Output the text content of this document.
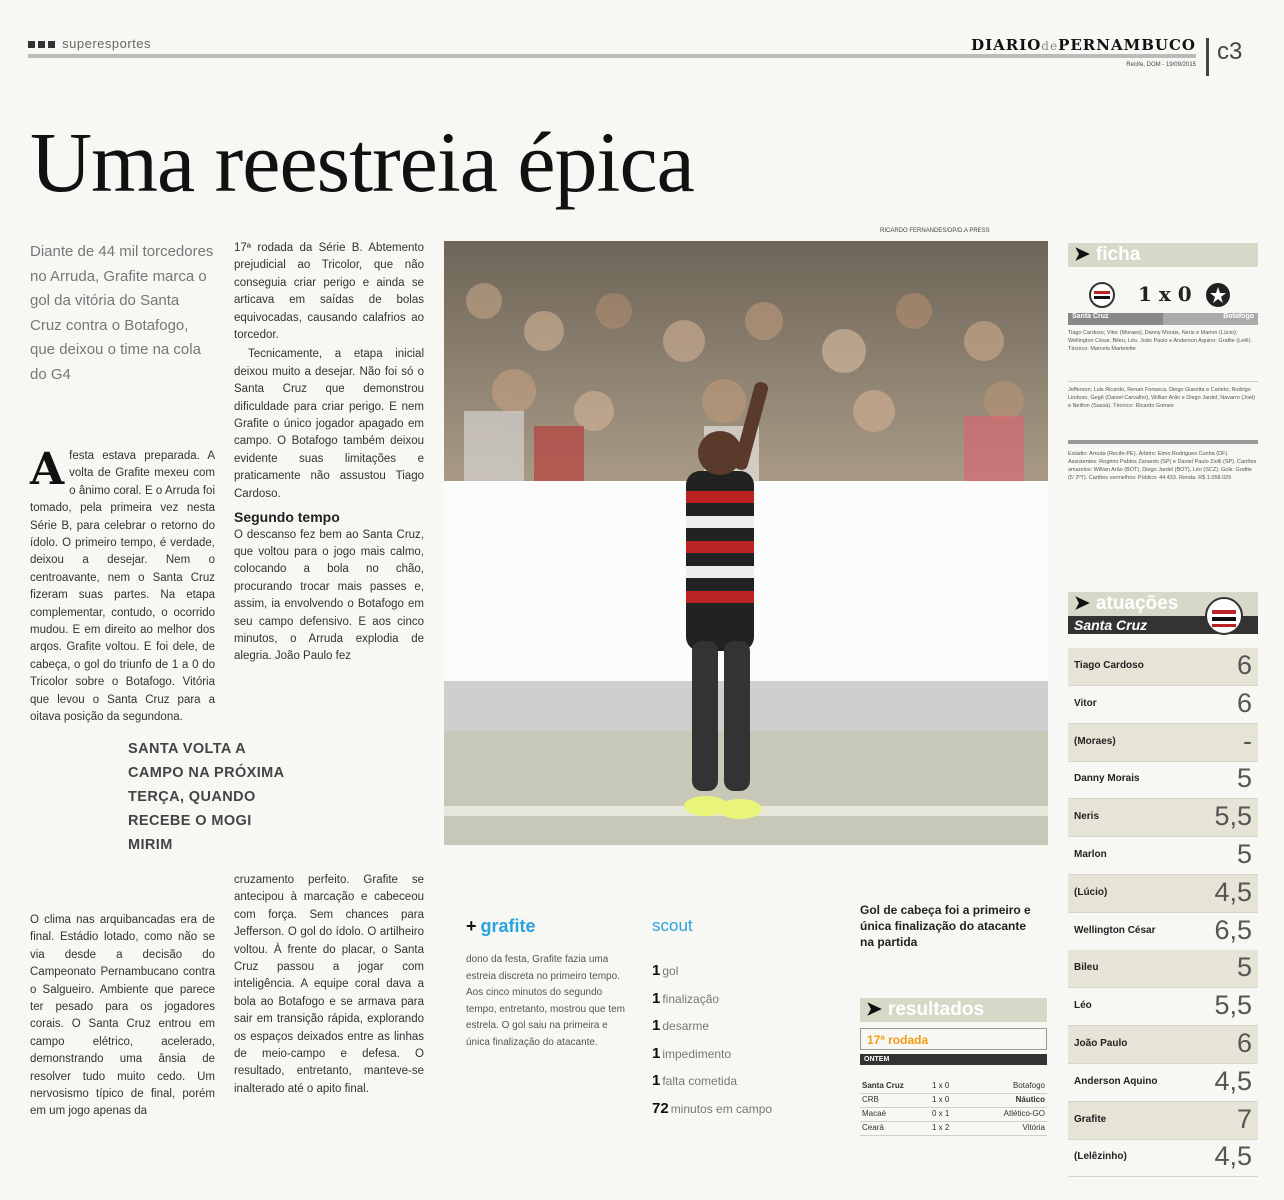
superesportes	DIARIOdePERNAMBUCO
Recife, DOM - 19/09/2015 c3
Uma reestreia épica
RICARDO FERNANDES/DP/D.A PRESS
Diante de 44 mil torcedores no Arruda, Grafite marca o gol da vitória do Santa Cruz contra o Botafogo, que deixou o time na cola do G4
A festa estava preparada. A volta de Grafite mexeu com o ânimo coral. E o Arruda foi tomado, pela primeira vez nesta Série B, para celebrar o retorno do ídolo. O primeiro tempo, é verdade, deixou a desejar. Nem o centroavante, nem o Santa Cruz fizeram suas partes. Na etapa complementar, contudo, o ocorrido mudou. E em direito ao melhor dos arqos. Grafite voltou. E foi dele, de cabeça, o gol do triunfo de 1 a 0 do Tricolor sobre o Botafogo. Vitória que levou o Santa Cruz para a oitava posição da segundona.
O clima nas arquibancadas era de final. Estádio lotado, como não se via desde a decisão do Campeonato Pernambucano contra o Salgueiro. Ambiente que parece ter pesado para os jogadores corais. O Santa Cruz entrou em campo elétrico, acelerado, demonstrando uma ânsia de resolver tudo muito cedo. Um nervosismo típico de final, porém em um jogo apenas da
17ª rodada da Série B. Abtemento prejudicial ao Tricolor, que não conseguia criar perigo e ainda se articava em saídas de bolas equivocadas, causando calafrios ao torcedor.
Tecnicamente, a etapa inicial deixou muito a desejar. Não foi só o Santa Cruz que demonstrou dificuldade para criar perigo. E nem Grafite o único jogador apagado em campo. O Botafogo também deixou evidente suas limitações e praticamente não assustou Tiago Cardoso.
Segundo tempo
O descanso fez bem ao Santa Cruz, que voltou para o jogo mais calmo, colocando a bola no chão, procurando trocar mais passes e, assim, ia envolvendo o Botafogo em seu campo defensivo. E aos cinco minutos, o Arruda explodia de alegria. João Paulo fez
cruzamento perfeito. Grafite se antecipou à marcação e cabeceou com força. Sem chances para Jefferson. O gol do ídolo. O artilheiro voltou. À frente do placar, o Santa Cruz passou a jogar com inteligência. A equipe coral dava a bola ao Botafogo e se armava para sair em transição rápida, explorando os espaços deixados entre as linhas de meio-campo e defesa. O resultado, entretanto, manteve-se inalterado até o apito final.
SANTA VOLTA A CAMPO NA PRÓXIMA TERÇA, QUANDO RECEBE O MOGI MIRIM
Gol de cabeça foi a primeiro e única finalização do atacante na partida
+ grafite
dono da festa, Grafite fazia uma estreia discreta no primeiro tempo. Aos cinco minutos do segundo tempo, entretanto, mostrou que tem estrela. O gol saiu na primeira e única finalização do atacante.
scout
1 gol
1 finalização
1 desarme
1 impedimento
1 falta cometida
72 minutos em campo
➤ ficha
1 x 0
Santa Cruz	Botafogo
Tiago Cardoso; Vitor (Moraes), Danny Morais, Neris e Marlon (Lúcio); Wellington César, Bileu, Léo, João Paulo e Anderson Aquino; Grafite (Lelê). Técnico: Marcelo Martelotte
Jefferson; Luis Ricardo, Renan Fonseca, Diego Giaretta e Carleto; Rodrigo Lindoso, Gegê (Daniel Carvalho), Willian Arão e Diego Jardel; Navarro (Joel) e Neilton (Sassá). Técnico: Ricardo Gomes
Estádio: Arruda (Recife-PE). Árbitro: Elmo Rodrigues Cunha (DF). Assistentes: Rogério Pablos Zanardo (SP) e Daniel Paulo Ziolli (SP). Cartões amarelos: Willian Arão (BOT), Diego Jardel (BOT), Léo (SCZ). Gols: Grafite (5' 2ºT). Cartões vermelhos: Público: 44.433. Renda: R$ 1.058.025
➤ atuações
Santa Cruz
Tiago Cardoso	6
Vitor	6
(Moraes)	-
Danny Morais	5
Neris	5,5
Marlon	5
(Lúcio)	4,5
Wellington César 6,5
Bileu	5
Léo	5,5
João Paulo	6
Anderson Aquino 4,5
Grafite	7
(Lelêzinho)	4,5
➤ resultados
17ª rodada
ONTEM
Santa Cruz	1 x 0	Botafogo
CRB	1 x 0	Náutico
Macaé	0 x 1	Atlético-GO
Ceará	1 x 2	Vitória
